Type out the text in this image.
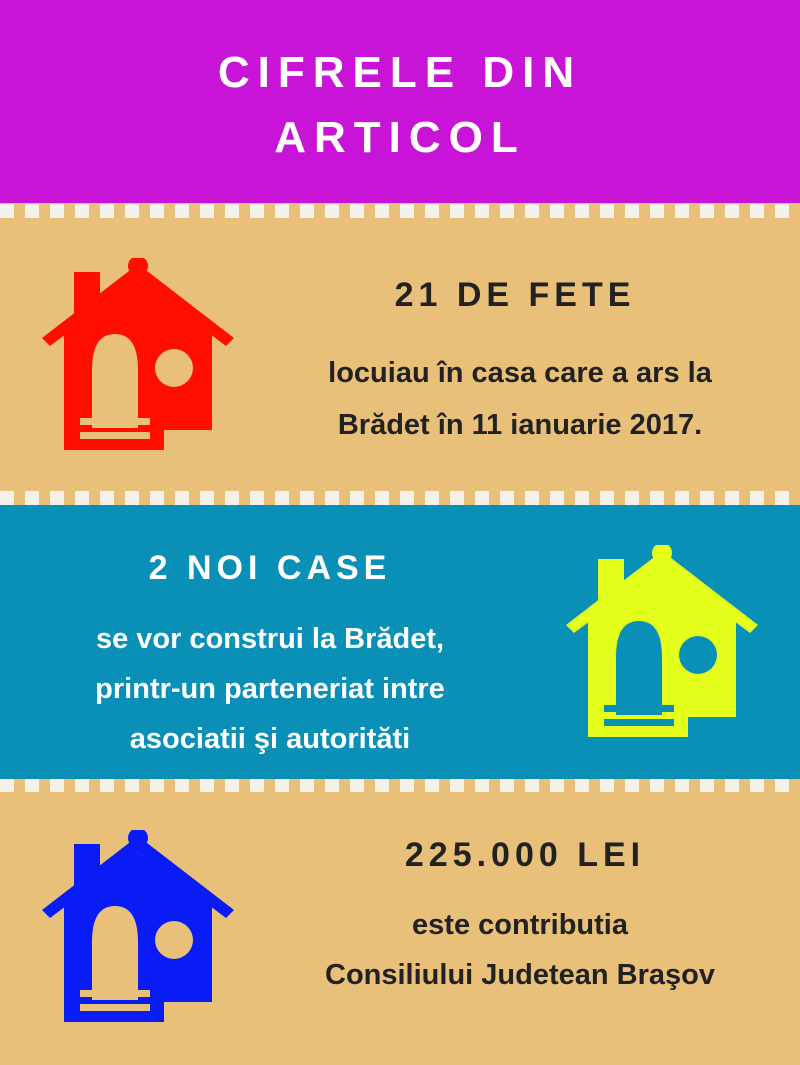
CIFRELE DIN
ARTICOL
21 DE FETE
locuiau în casa care a ars la
Brădet în 11 ianuarie 2017.
2 NOI CASE
se vor construi la Brădet,
printr-un parteneriat intre
asociatii şi autorităti
225.000 LEI
este contributia
Consiliului Judetean Braşov
